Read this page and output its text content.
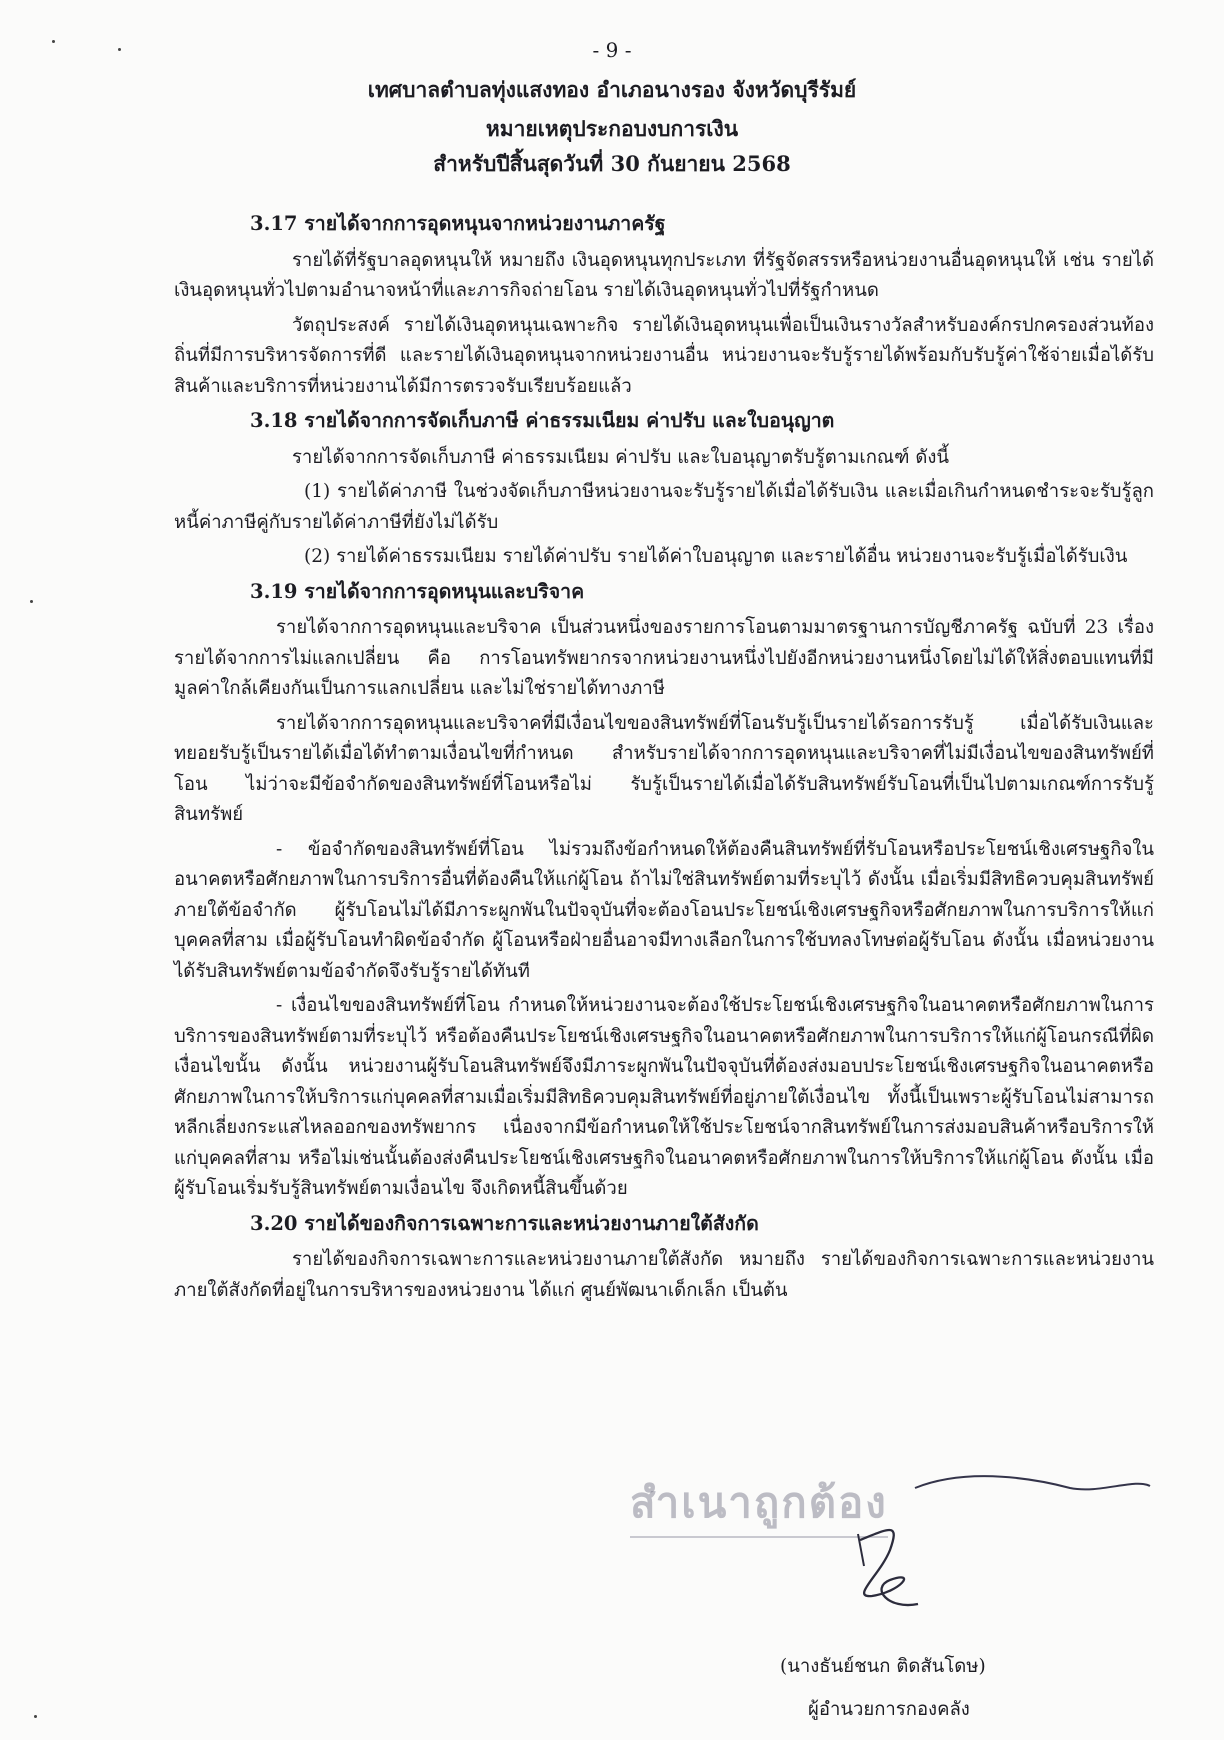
- 9 -
เทศบาลตำบลทุ่งแสงทอง อำเภอนางรอง จังหวัดบุรีรัมย์
หมายเหตุประกอบงบการเงิน
สำหรับปีสิ้นสุดวันที่ 30 กันยายน 2568
3.17 รายได้จากการอุดหนุนจากหน่วยงานภาครัฐ

รายได้ที่รัฐบาลอุดหนุนให้ หมายถึง เงินอุดหนุนทุกประเภท ที่รัฐจัดสรรหรือหน่วยงานอื่นอุดหนุนให้ เช่น รายได้เงินอุดหนุนทั่วไปตามอำนาจหน้าที่และภารกิจถ่ายโอน รายได้เงินอุดหนุนทั่วไปที่รัฐกำหนด

วัตถุประสงค์ รายได้เงินอุดหนุนเฉพาะกิจ รายได้เงินอุดหนุนเพื่อเป็นเงินรางวัลสำหรับองค์กรปกครองส่วนท้องถิ่นที่มีการบริหารจัดการที่ดี และรายได้เงินอุดหนุนจากหน่วยงานอื่น หน่วยงานจะรับรู้รายได้พร้อมกับรับรู้ค่าใช้จ่ายเมื่อได้รับสินค้าและบริการที่หน่วยงานได้มีการตรวจรับเรียบร้อยแล้ว

3.18 รายได้จากการจัดเก็บภาษี ค่าธรรมเนียม ค่าปรับ และใบอนุญาต

รายได้จากการจัดเก็บภาษี ค่าธรรมเนียม ค่าปรับ และใบอนุญาตรับรู้ตามเกณฑ์ ดังนี้

(1) รายได้ค่าภาษี ในช่วงจัดเก็บภาษีหน่วยงานจะรับรู้รายได้เมื่อได้รับเงิน และเมื่อเกินกำหนดชำระจะรับรู้ลูกหนี้ค่าภาษีคู่กับรายได้ค่าภาษีที่ยังไม่ได้รับ

(2) รายได้ค่าธรรมเนียม รายได้ค่าปรับ รายได้ค่าใบอนุญาต และรายได้อื่น หน่วยงานจะรับรู้เมื่อได้รับเงิน

3.19 รายได้จากการอุดหนุนและบริจาค

รายได้จากการอุดหนุนและบริจาค เป็นส่วนหนึ่งของรายการโอนตามมาตรฐานการบัญชีภาครัฐ ฉบับที่ 23 เรื่อง รายได้จากการไม่แลกเปลี่ยน คือ การโอนทรัพยากรจากหน่วยงานหนึ่งไปยังอีกหน่วยงานหนึ่งโดยไม่ได้ให้สิ่งตอบแทนที่มีมูลค่าใกล้เคียงกันเป็นการแลกเปลี่ยน และไม่ใช่รายได้ทางภาษี

รายได้จากการอุดหนุนและบริจาคที่มีเงื่อนไขของสินทรัพย์ที่โอนรับรู้เป็นรายได้รอการรับรู้ เมื่อได้รับเงินและทยอยรับรู้เป็นรายได้เมื่อได้ทำตามเงื่อนไขที่กำหนด สำหรับรายได้จากการอุดหนุนและบริจาคที่ไม่มีเงื่อนไขของสินทรัพย์ที่โอน ไม่ว่าจะมีข้อจำกัดของสินทรัพย์ที่โอนหรือไม่ รับรู้เป็นรายได้เมื่อได้รับสินทรัพย์รับโอนที่เป็นไปตามเกณฑ์การรับรู้สินทรัพย์

- ข้อจำกัดของสินทรัพย์ที่โอน ไม่รวมถึงข้อกำหนดให้ต้องคืนสินทรัพย์ที่รับโอนหรือประโยชน์เชิงเศรษฐกิจในอนาคตหรือศักยภาพในการบริการอื่นที่ต้องคืนให้แก่ผู้โอน ถ้าไม่ใช่สินทรัพย์ตามที่ระบุไว้ ดังนั้น เมื่อเริ่มมีสิทธิควบคุมสินทรัพย์ภายใต้ข้อจำกัด ผู้รับโอนไม่ได้มีภาระผูกพันในปัจจุบันที่จะต้องโอนประโยชน์เชิงเศรษฐกิจหรือศักยภาพในการบริการให้แก่บุคคลที่สาม เมื่อผู้รับโอนทำผิดข้อจำกัด ผู้โอนหรือฝ่ายอื่นอาจมีทางเลือกในการใช้บทลงโทษต่อผู้รับโอน ดังนั้น เมื่อหน่วยงานได้รับสินทรัพย์ตามข้อจำกัดจึงรับรู้รายได้ทันที

- เงื่อนไขของสินทรัพย์ที่โอน กำหนดให้หน่วยงานจะต้องใช้ประโยชน์เชิงเศรษฐกิจในอนาคตหรือศักยภาพในการบริการของสินทรัพย์ตามที่ระบุไว้ หรือต้องคืนประโยชน์เชิงเศรษฐกิจในอนาคตหรือศักยภาพในการบริการให้แก่ผู้โอนกรณีที่ผิดเงื่อนไขนั้น ดังนั้น หน่วยงานผู้รับโอนสินทรัพย์จึงมีภาระผูกพันในปัจจุบันที่ต้องส่งมอบประโยชน์เชิงเศรษฐกิจในอนาคตหรือศักยภาพในการให้บริการแก่บุคคลที่สามเมื่อเริ่มมีสิทธิควบคุมสินทรัพย์ที่อยู่ภายใต้เงื่อนไข ทั้งนี้เป็นเพราะผู้รับโอนไม่สามารถหลีกเลี่ยงกระแสไหลออกของทรัพยากร เนื่องจากมีข้อกำหนดให้ใช้ประโยชน์จากสินทรัพย์ในการส่งมอบสินค้าหรือบริการให้แก่บุคคลที่สาม หรือไม่เช่นนั้นต้องส่งคืนประโยชน์เชิงเศรษฐกิจในอนาคตหรือศักยภาพในการให้บริการให้แก่ผู้โอน ดังนั้น เมื่อผู้รับโอนเริ่มรับรู้สินทรัพย์ตามเงื่อนไข จึงเกิดหนี้สินขึ้นด้วย

3.20 รายได้ของกิจการเฉพาะการและหน่วยงานภายใต้สังกัด

รายได้ของกิจการเฉพาะการและหน่วยงานภายใต้สังกัด หมายถึง รายได้ของกิจการเฉพาะการและหน่วยงานภายใต้สังกัดที่อยู่ในการบริหารของหน่วยงาน ได้แก่ ศูนย์พัฒนาเด็กเล็ก เป็นต้น

สำเนาถูกต้อง
(นางธันย์ชนก ติดสันโดษ)
ผู้อำนวยการกองคลัง
